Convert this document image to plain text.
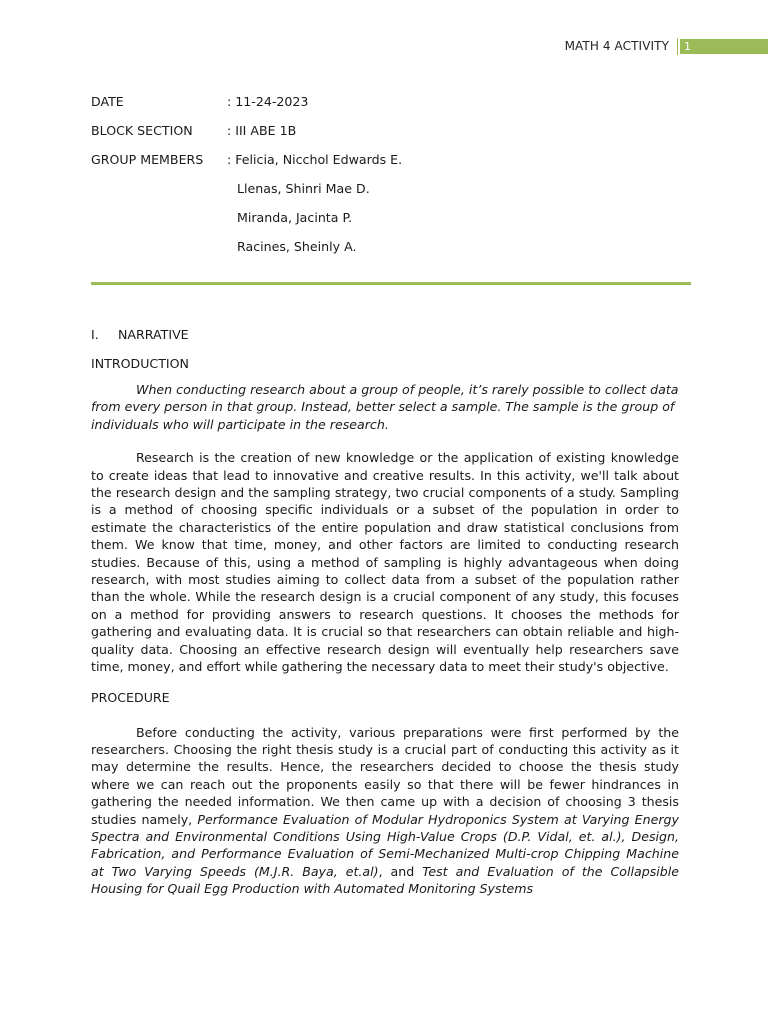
MATH 4 ACTIVITY 1
DATE	: 11-24-2023
BLOCK SECTION	: III ABE 1B
GROUP MEMBERS : Felicia, Nicchol Edwards E.
Llenas, Shinri Mae D.
Miranda, Jacinta P.
Racines, Sheinly A.

I. NARRATIVE

INTRODUCTION

When conducting research about a group of people, it’s rarely possible to collect data from every person in that group. Instead, better select a sample. The sample is the group of individuals who will participate in the research.

Research is the creation of new knowledge or the application of existing knowledge to create ideas that lead to innovative and creative results. In this activity, we'll talk about the research design and the sampling strategy, two crucial components of a study. Sampling is a method of choosing specific individuals or a subset of the population in order to estimate the characteristics of the entire population and draw statistical conclusions from them. We know that time, money, and other factors are limited to conducting research studies. Because of this, using a method of sampling is highly advantageous when doing research, with most studies aiming to collect data from a subset of the population rather than the whole. While the research design is a crucial component of any study, this focuses on a method for providing answers to research questions. It chooses the methods for gathering and evaluating data. It is crucial so that researchers can obtain reliable and high-quality data. Choosing an effective research design will eventually help researchers save time, money, and effort while gathering the necessary data to meet their study's objective.

PROCEDURE

Before conducting the activity, various preparations were first performed by the researchers. Choosing the right thesis study is a crucial part of conducting this activity as it may determine the results. Hence, the researchers decided to choose the thesis study where we can reach out the proponents easily so that there will be fewer hindrances in gathering the needed information. We then came up with a decision of choosing 3 thesis studies namely, Performance Evaluation of Modular Hydroponics System at Varying Energy Spectra and Environmental Conditions Using High-Value Crops (D.P. Vidal, et. al.), Design, Fabrication, and Performance Evaluation of Semi-Mechanized Multi-crop Chipping Machine at Two Varying Speeds (M.J.R. Baya, et.al), and Test and Evaluation of the Collapsible Housing for Quail Egg Production with Automated Monitoring Systems
